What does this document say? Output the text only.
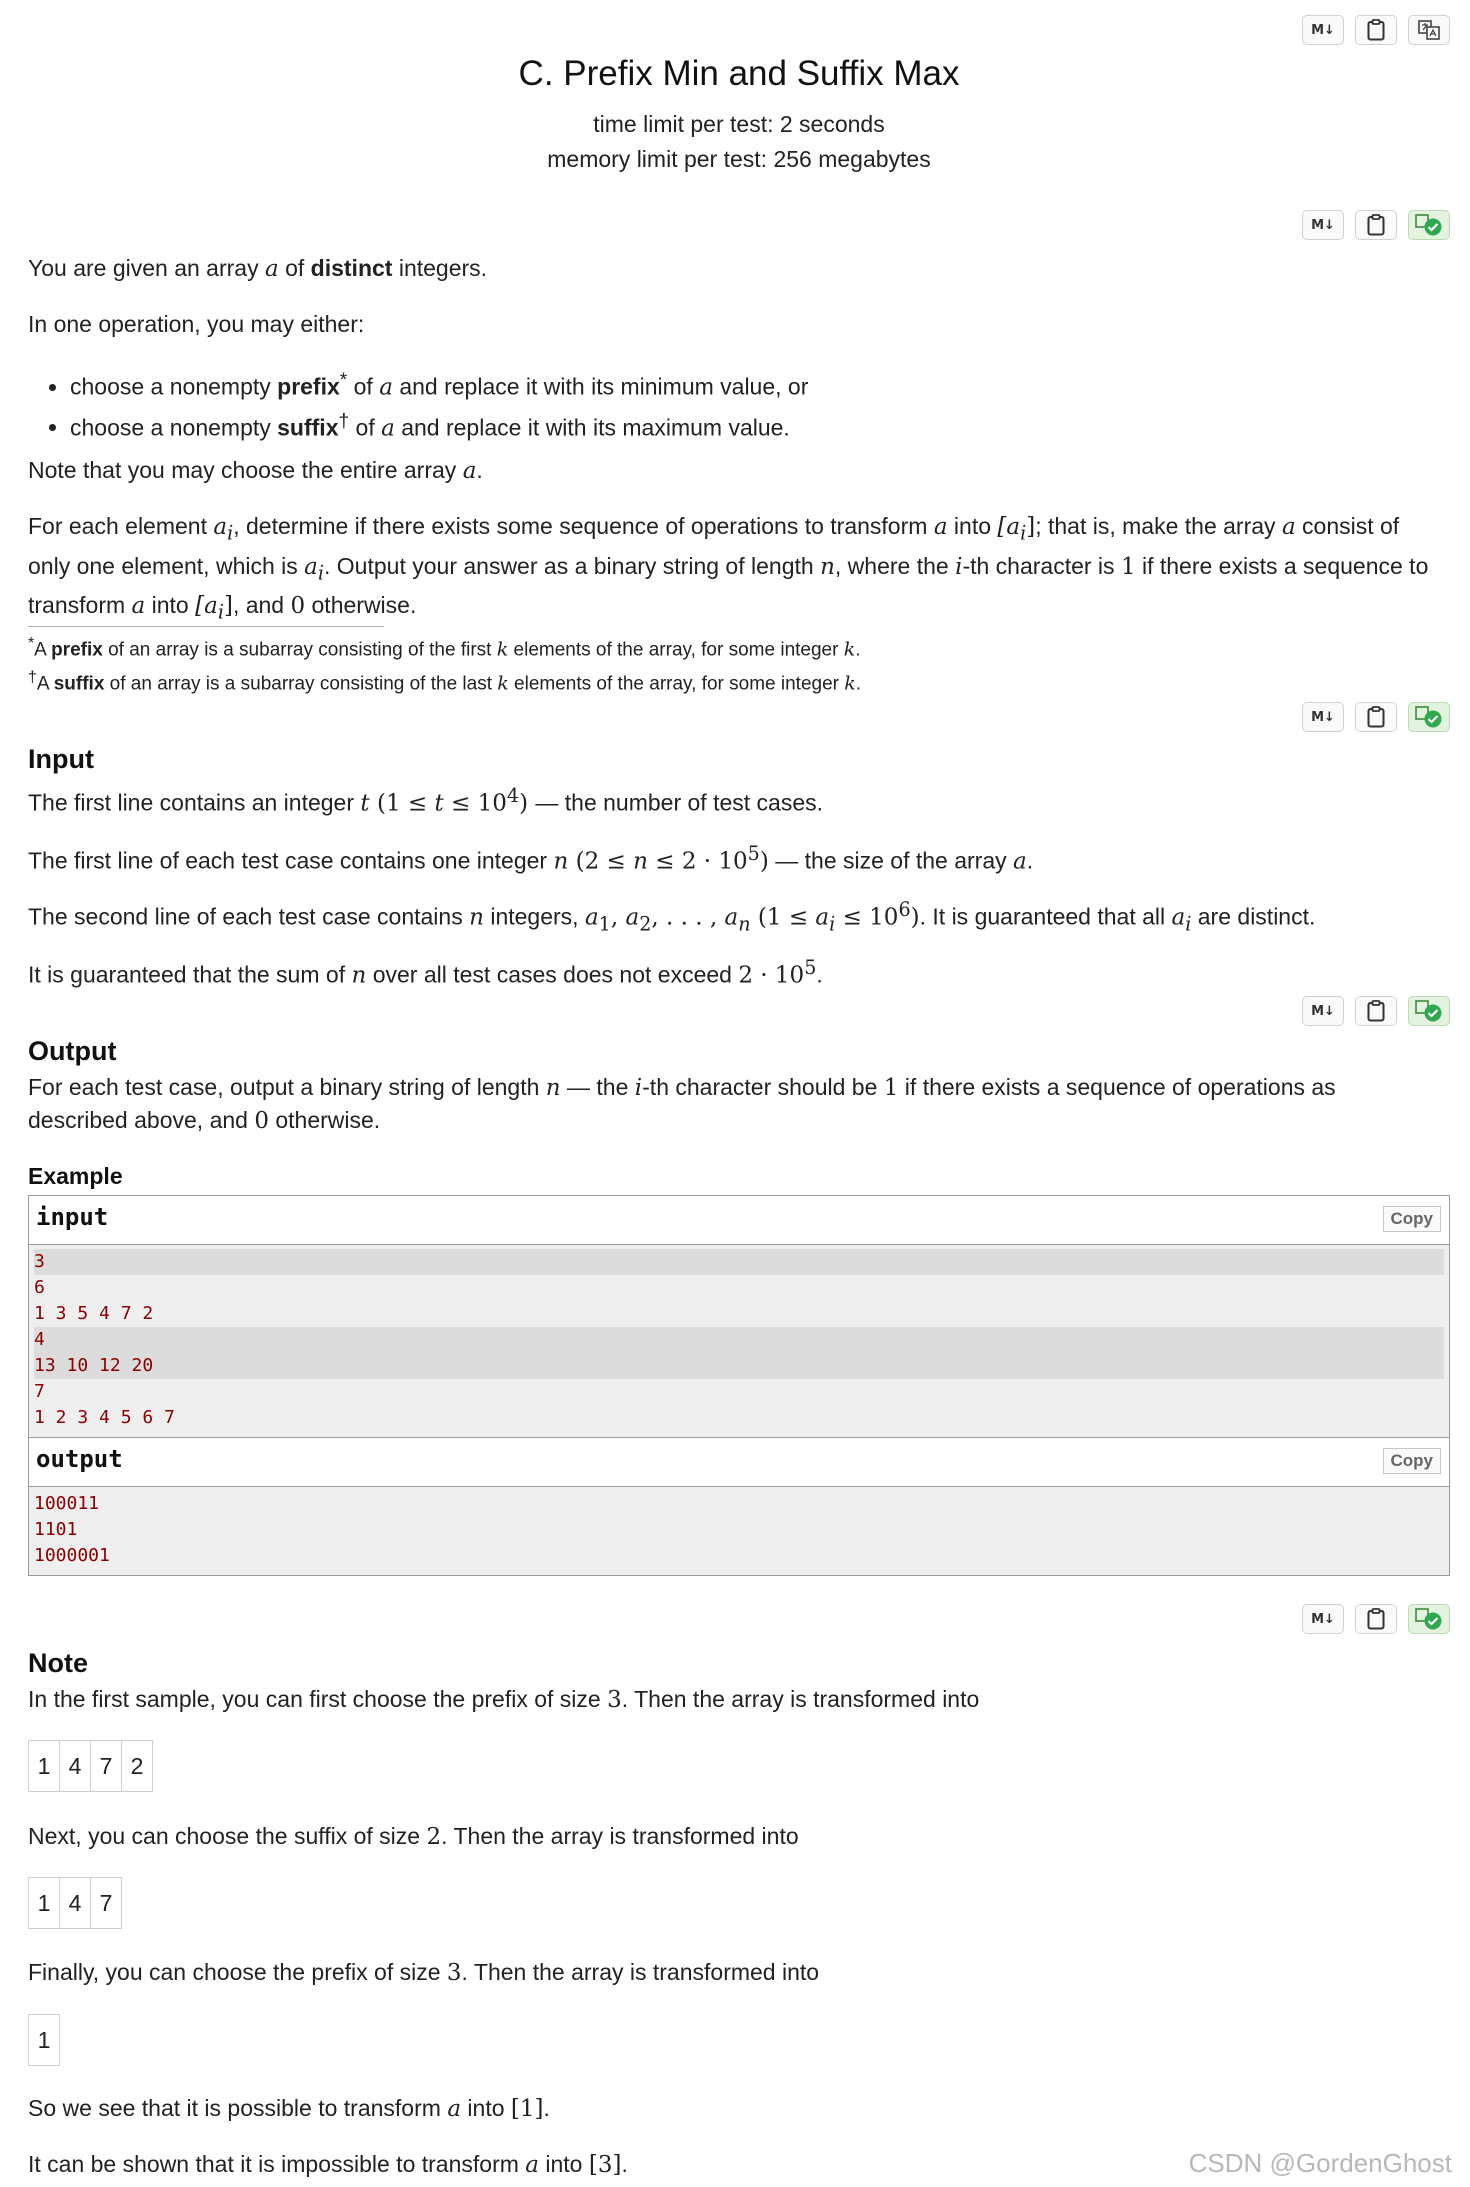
M↓
C. Prefix Min and Suffix Max
time limit per test: 2 seconds
memory limit per test: 256 megabytes
M↓
You are given an array a of distinct integers.
In one operation, you may either:
• choose a nonempty prefix* of a and replace it with its minimum value, or
• choose a nonempty suffix† of a and replace it with its maximum value.
Note that you may choose the entire array a.
For each element $a_i$, determine if there exists some sequence of operations to transform a into $[a_i]$; that is, make the array a consist of
only one element, which is $a_i$. Output your answer as a binary string of length n, where the i-th character is 1 if there exists a sequence to
transform a into $[a_i]$, and 0 otherwise.
*A prefix of an array is a subarray consisting of the first k elements of the array, for some integer k.
†A suffix of an array is a subarray consisting of the last k elements of the array, for some integer k.
M↓
Input
The first line contains an integer t $(1 \le t \le 10^4)$ — the number of test cases.
The first line of each test case contains one integer n $(2 \le n \le 2 \cdot 10^5)$ — the size of the array a.
The second line of each test case contains n integers, $a_1$, $a_2$, . . . , $a_n$ $(1 \le a_i \le 10^6)$. It is guaranteed that all $a_i$ are distinct.
It is guaranteed that the sum of n over all test cases does not exceed $2 \cdot 10^5$.
M↓
Output
For each test case, output a binary string of length n — the i-th character should be 1 if there exists a sequence of operations as
described above, and 0 otherwise.
Example
input	Copy
3
6
1 3 5 4 7 2
4
13 10 12 20
7
1 2 3 4 5 6 7
output	Copy
100011
1101
1000001
M↓
Note
In the first sample, you can first choose the prefix of size 3. Then the array is transformed into
1 4 7 2
Next, you can choose the suffix of size 2. Then the array is transformed into
1 4 7
Finally, you can choose the prefix of size 3. Then the array is transformed into
1
So we see that it is possible to transform a into [1].
It can be shown that it is impossible to transform a into [3].	CSDN @GordenGhost
